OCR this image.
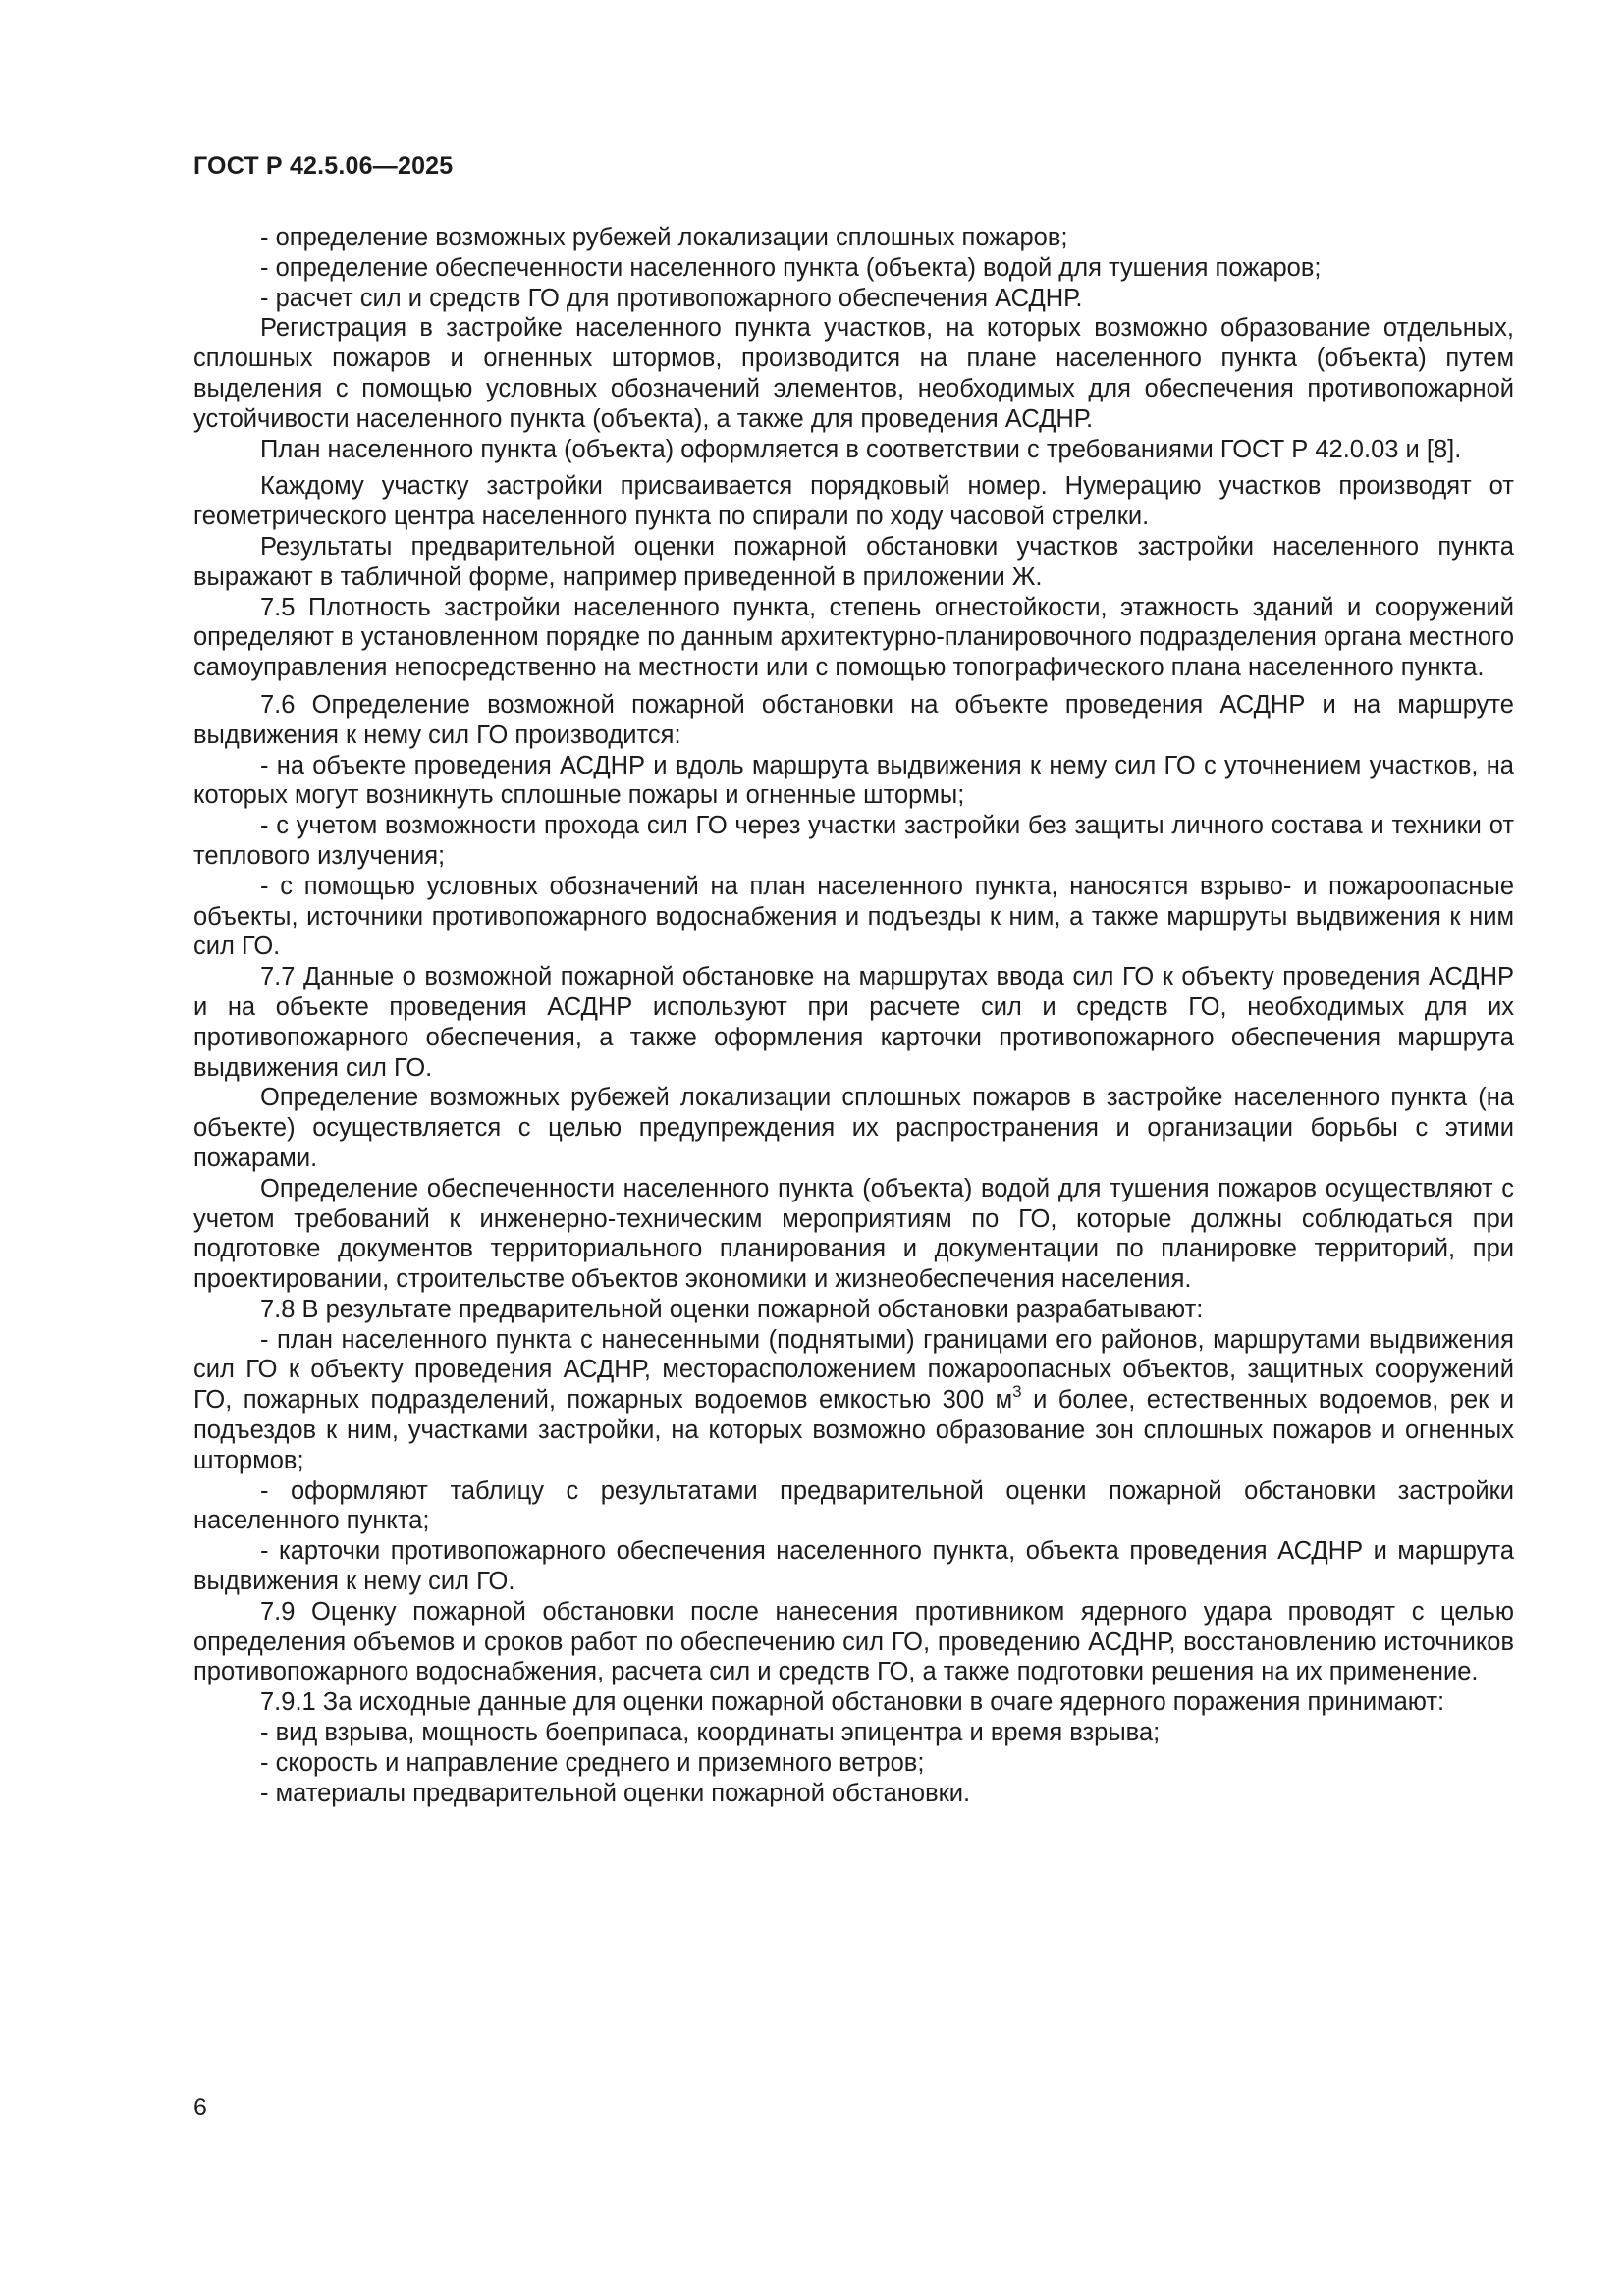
ГОСТ Р 42.5.06—2025

- определение возможных рубежей локализации сплошных пожаров;

- определение обеспеченности населенного пункта (объекта) водой для тушения пожаров;

- расчет сил и средств ГО для противопожарного обеспечения АСДНР.

Регистрация в застройке населенного пункта участков, на которых возможно образование отдельных, сплошных пожаров и огненных штормов, производится на плане населенного пункта (объекта) путем выделения с помощью условных обозначений элементов, необходимых для обеспечения противопожарной устойчивости населенного пункта (объекта), а также для проведения АСДНР.

План населенного пункта (объекта) оформляется в соответствии с требованиями ГОСТ Р 42.0.03 и [8].

Каждому участку застройки присваивается порядковый номер. Нумерацию участков производят от геометрического центра населенного пункта по спирали по ходу часовой стрелки.

Результаты предварительной оценки пожарной обстановки участков застройки населенного пункта выражают в табличной форме, например приведенной в приложении Ж.

7.5 Плотность застройки населенного пункта, степень огнестойкости, этажность зданий и сооружений определяют в установленном порядке по данным архитектурно-планировочного подразделения органа местного самоуправления непосредственно на местности или с помощью топографического плана населенного пункта.

7.6 Определение возможной пожарной обстановки на объекте проведения АСДНР и на маршруте выдвижения к нему сил ГО производится:

- на объекте проведения АСДНР и вдоль маршрута выдвижения к нему сил ГО с уточнением участков, на которых могут возникнуть сплошные пожары и огненные штормы;

- с учетом возможности прохода сил ГО через участки застройки без защиты личного состава и техники от теплового излучения;

- с помощью условных обозначений на план населенного пункта, наносятся взрыво- и пожароопасные объекты, источники противопожарного водоснабжения и подъезды к ним, а также маршруты выдвижения к ним сил ГО.

7.7 Данные о возможной пожарной обстановке на маршрутах ввода сил ГО к объекту проведения АСДНР и на объекте проведения АСДНР используют при расчете сил и средств ГО, необходимых для их противопожарного обеспечения, а также оформления карточки противопожарного обеспечения маршрута выдвижения сил ГО.

Определение возможных рубежей локализации сплошных пожаров в застройке населенного пункта (на объекте) осуществляется с целью предупреждения их распространения и организации борьбы с этими пожарами.

Определение обеспеченности населенного пункта (объекта) водой для тушения пожаров осуществляют с учетом требований к инженерно-техническим мероприятиям по ГО, которые должны соблюдаться при подготовке документов территориального планирования и документации по планировке территорий, при проектировании, строительстве объектов экономики и жизнеобеспечения населения.

7.8 В результате предварительной оценки пожарной обстановки разрабатывают:

- план населенного пункта с нанесенными (поднятыми) границами его районов, маршрутами выдвижения сил ГО к объекту проведения АСДНР, месторасположением пожароопасных объектов, защитных сооружений ГО, пожарных подразделений, пожарных водоемов емкостью 300 $м^3$ и более, естественных водоемов, рек и подъездов к ним, участками застройки, на которых возможно образование зон сплошных пожаров и огненных штормов;

- оформляют таблицу с результатами предварительной оценки пожарной обстановки застройки населенного пункта;

- карточки противопожарного обеспечения населенного пункта, объекта проведения АСДНР и маршрута выдвижения к нему сил ГО.

7.9 Оценку пожарной обстановки после нанесения противником ядерного удара проводят с целью определения объемов и сроков работ по обеспечению сил ГО, проведению АСДНР, восстановлению источников противопожарного водоснабжения, расчета сил и средств ГО, а также подготовки решения на их применение.

7.9.1 За исходные данные для оценки пожарной обстановки в очаге ядерного поражения принимают:

- вид взрыва, мощность боеприпаса, координаты эпицентра и время взрыва;

- скорость и направление среднего и приземного ветров;

- материалы предварительной оценки пожарной обстановки.

6
